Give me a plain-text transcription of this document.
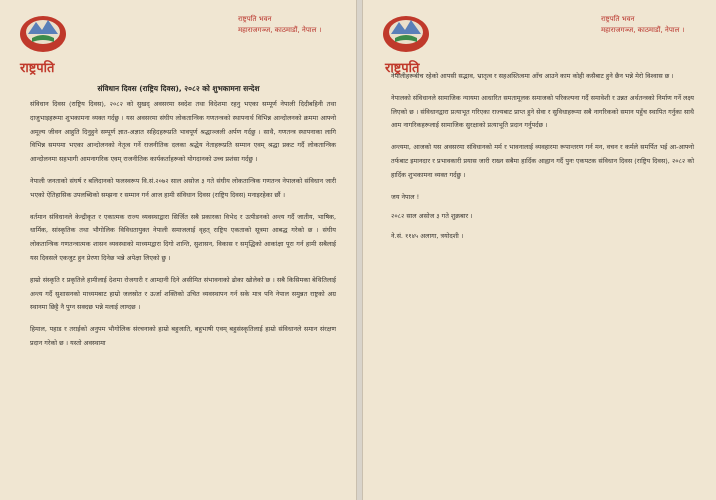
राष्ट्रपति भवन
महाराजगञ्ज, काठमाडौं, नेपाल ।
राष्ट्रपति
संविधान दिवस (राष्ट्रिय दिवस), २०८२ को शुभकामना सन्देश

संविधान दिवस (राष्ट्रिय दिवस), २०८२ को सुखद् अवसरमा स्वदेश तथा विदेशमा रहनु भएका सम्पूर्ण नेपाली दिदीबहिनी तथा दाजुभाइहरूमा शुभकामना व्यक्त गर्दछु । यस अवसरमा संघीय लोकतान्त्रिक गणतन्त्रको स्थापनार्थ विभिन्न आन्दोलनको क्रममा आफ्नो अमूल्य जीवन आहुति दिनुहुने सम्पूर्ण ज्ञात-अज्ञात सहिदहरूप्रति भावपूर्ण श्रद्धाञ्जली अर्पण गर्दछु । साथै, गणतन्त्र स्थापनाका लागि विभिन्न समयमा भएका आन्दोलनको नेतृत्व गर्ने राजनीतिक दलका श्रद्धेय नेताहरूप्रति सम्मान एवम् श्रद्धा प्रकट गर्दै लोकतान्त्रिक आन्दोलनमा सहभागी आमनागरिक एवम् राजनीतिक कार्यकर्ताहरूको योगदानको उच्च प्रशंसा गर्दछु ।

नेपाली जनताको संघर्ष र बलिदानको फलस्वरूप वि.सं.२०७२ साल असोज ३ गते संघीय लोकतान्त्रिक गणतन्त्र नेपालको संविधान जारी भएको ऐतिहासिक उपलब्धिको सम्झना र सम्मान गर्न आज हामी संविधान दिवस (राष्ट्रिय दिवस) मनाइरहेका छौं ।

वर्तमान संविधानले केन्द्रीकृत र एकात्मक राज्य व्यवस्थाद्वारा सिर्जित सबै प्रकारका विभेद र उत्पीडनको अन्त्य गर्दै जातीय, भाषिक, धार्मिक, सांस्कृतिक तथा भौगोलिक विविधतायुक्त नेपाली समाजलाई वृहत् राष्ट्रिय एकताको सूत्रमा आबद्ध गरेको छ । संघीय लोकतान्त्रिक गणतन्त्रात्मक शासन व्यवस्थाको माध्यमद्वारा दिगो शान्ति, सुशासन, विकास र समृद्धिको आकांक्षा पूरा गर्न हामी सबैलाई यस दिवसले एकजुट हुन प्रेरणा दिनेछ भन्ने अपेक्षा लिएको छु ।

हाम्रो संस्कृति र प्रकृतिले हामीलाई देशमा रोजगारी र आम्दानी दिने असीमित संभावनाको ढोका खोलेको छ । सबै किसिमका बेथितिलाई अन्त्य गर्दै सुशासनको माध्यमबाट हाम्रो जलस्रोत र ऊर्जा शक्तिको उचित व्यवस्थापन गर्न सके मात्र पनि नेपाल समुन्नत राष्ट्रको अग्र स्थानमा छिट्टै नै पुग्न सक्दछ भन्ने मलाई लाग्दछ ।

हिमाल, पहाड र तराईको अनुपम भौगोलिक संरचनाको हाम्रो बहुजाति, बहुभाषी एवम् बहुसंस्कृतिलाई हाम्रो संविधानले समान संरक्षण प्रदान गरेको छ । यस्तो अवस्थामा

राष्ट्रपति भवन
महाराजगञ्ज, काठमाडौं, नेपाल ।
राष्ट्रपति

नेपालीहरूबीच रहेको आपसी सद्भाव, भ्रातृत्व र सहअस्तित्वमा आँच आउने काम कोही कसैबाट हुने छैन भन्ने मेरो विश्वास छ ।

नेपालको संविधानले सामाजिक न्यायमा आधारित समतामूलक समाजको परिकल्पना गर्दै समावेशी र उन्नत अर्थतन्त्रको निर्माण गर्ने लक्ष्य लिएको छ । संविधानद्वारा प्रत्याभूत गरिएका राज्यबाट प्राप्त हुने सेवा र सुविधाहरूमा सबै नागरिकको समान पहुँच स्थापित गर्नुका साथै आम नागरिकहरूलाई सामाजिक सुरक्षाको प्रत्याभूति प्रदान गर्नुपर्दछ ।

अन्त्यमा, आजको यस अवसरमा संविधानको मर्म र भावनालाई व्यवहारमा रूपान्तरण गर्न मन, वचन र कर्मले समर्पित भई आ-आफ्नो तर्फबाट इमानदार र प्रभावकारी प्रयास जारी राख्न सबैमा हार्दिक आह्वान गर्दै पुनः एकपटक संविधान दिवस (राष्ट्रिय दिवस), २०८२ को हार्दिक शुभकामना व्यक्त गर्दछु ।

जय नेपाल !

२०८२ साल असोज ३ गते शुक्रबार ।

ने.सं. ११४५ अलागा, त्रयोदशी ।
